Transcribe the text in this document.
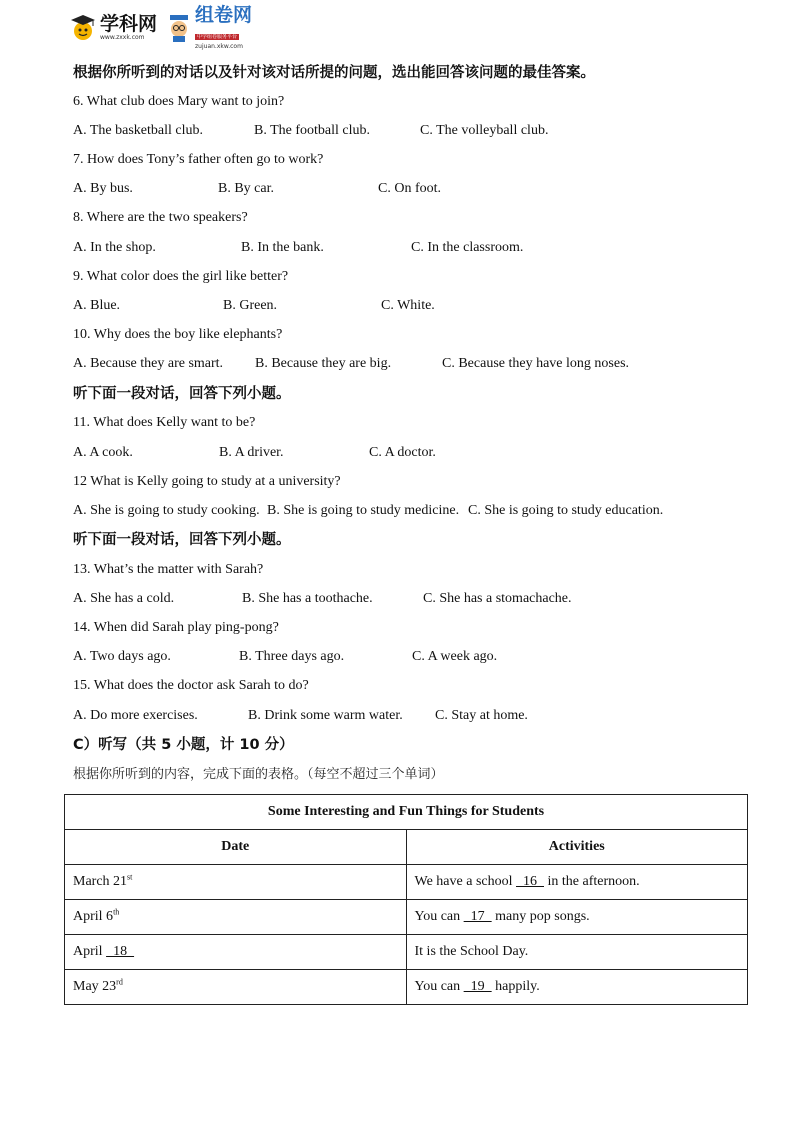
学科网
www.zxxk.com
组卷网
中学组卷服务平台
zujuan.xkw.com
根据你所听到的对话以及针对该对话所提的问题，选出能回答该问题的最佳答案。
6. What club does Mary want to join?
A. The basketball club.	B. The football club.	C. The volleyball club.
7. How does Tony’s father often go to work?
A. By bus.	B. By car.	C. On foot.
8. Where are the two speakers?
A. In the shop.	B. In the bank.	C. In the classroom.
9. What color does the girl like better?
A. Blue.	B. Green.	C. White.
10. Why does the boy like elephants?
A. Because they are smart. B. Because they are big.	C. Because they have long noses.
听下面一段对话，回答下列小题。
11. What does Kelly want to be?
A. A cook.	B. A driver.	C. A doctor.
12 What is Kelly going to study at a university?
A. She is going to study cooking. B. She is going to study medicine. C. She is going to study education.
听下面一段对话，回答下列小题。
13. What’s the matter with Sarah?
A. She has a cold.	B. She has a toothache.	C. She has a stomachache.
14. When did Sarah play ping-pong?
A. Two days ago.	B. Three days ago.	C. A week ago.
15. What does the doctor ask Sarah to do?
A. Do more exercises.	B. Drink some warm water. C. Stay at home.
C）听写（共 5 小题，计 10 分）
根据你所听到的内容，完成下面的表格。（每空不超过三个单词）
Some Interesting and Fun Things for Students	
Date	Activities
March 21st	We have a school   16   in the afternoon.
April 6th	You can   17   many pop songs.
April   18	It is the School Day.
May 23rd	You can   19   happily.
